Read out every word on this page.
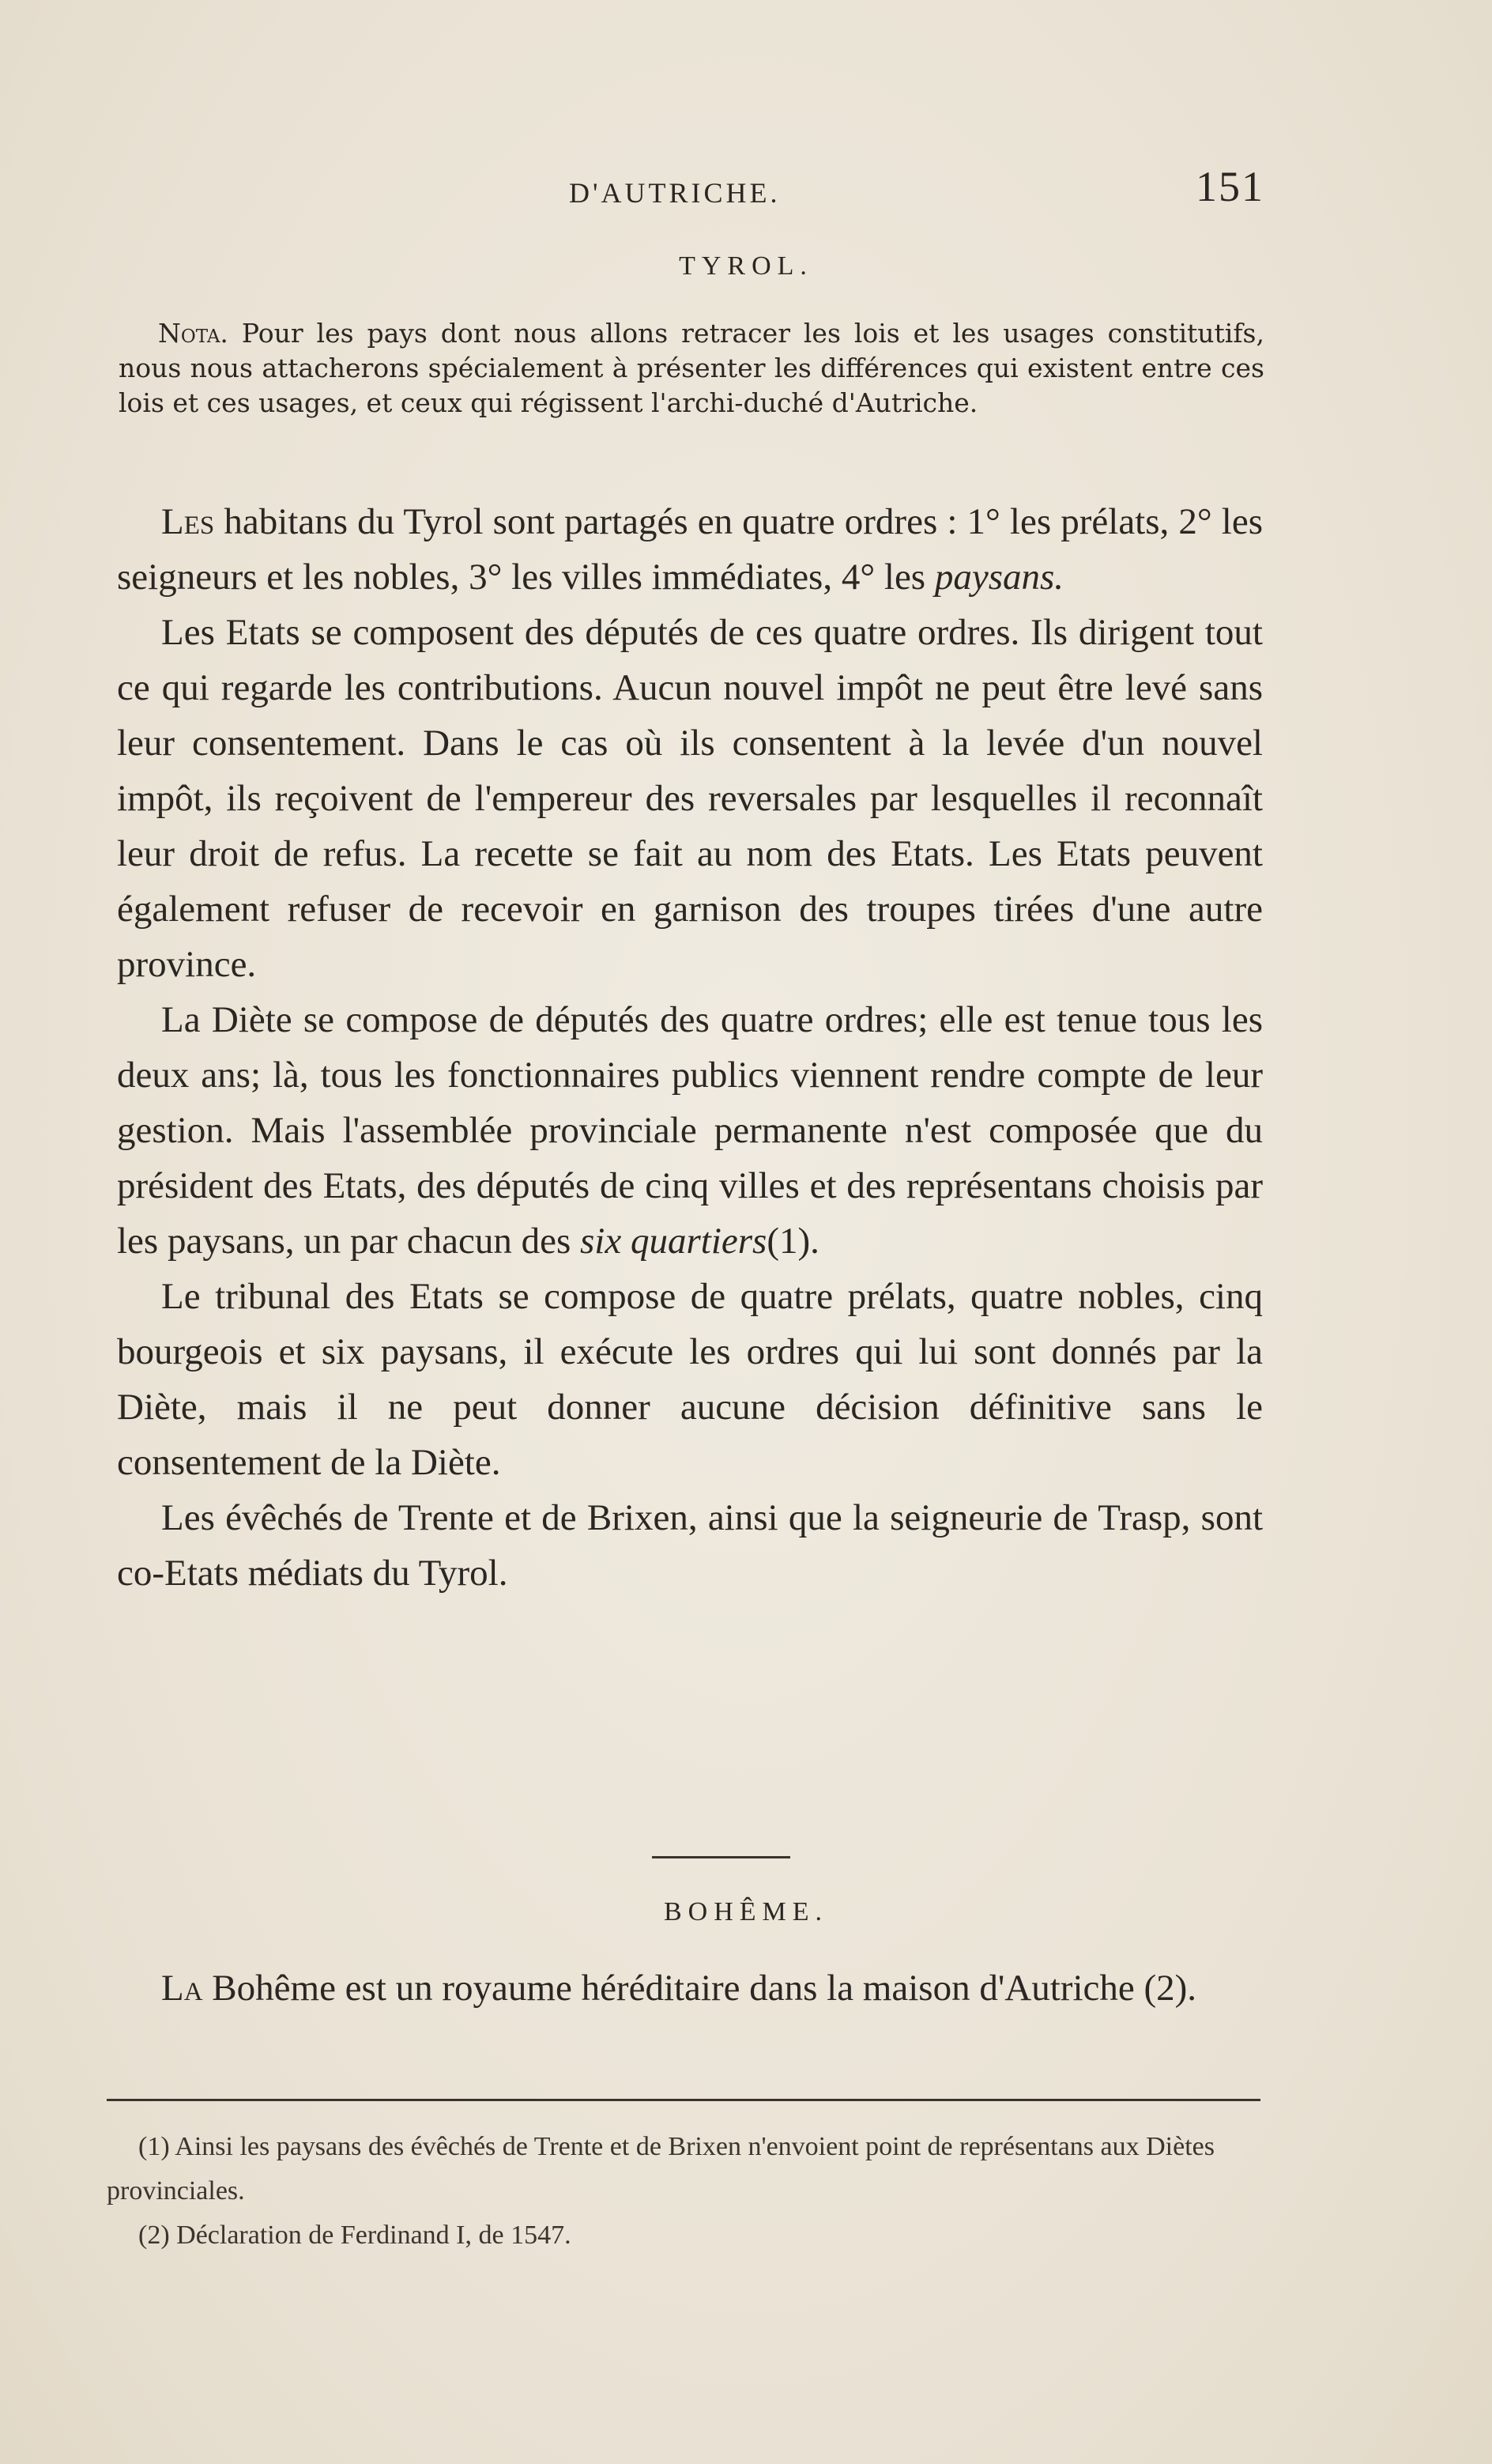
D'AUTRICHE.	151
TYROL.
Nota. Pour les pays dont nous allons retracer les lois et les usages constitutifs, nous nous attacherons spécialement à présenter les différences qui existent entre ces lois et ces usages, et ceux qui régissent l'archi-duché d'Autriche.

Les habitans du Tyrol sont partagés en quatre ordres : 1° les prélats, 2° les seigneurs et les nobles, 3° les villes immédiates, 4° les paysans.

Les Etats se composent des députés de ces quatre ordres. Ils dirigent tout ce qui regarde les contributions. Aucun nouvel impôt ne peut être levé sans leur consentement. Dans le cas où ils consentent à la levée d'un nouvel impôt, ils reçoivent de l'empereur des reversales par lesquelles il reconnaît leur droit de refus. La recette se fait au nom des Etats. Les Etats peuvent également refuser de recevoir en garnison des troupes tirées d'une autre province.

La Diète se compose de députés des quatre ordres; elle est tenue tous les deux ans; là, tous les fonctionnaires publics viennent rendre compte de leur gestion. Mais l'assemblée provinciale permanente n'est composée que du président des Etats, des députés de cinq villes et des représentans choisis par les paysans, un par chacun des six quartiers(1).

Le tribunal des Etats se compose de quatre prélats, quatre nobles, cinq bourgeois et six paysans, il exécute les ordres qui lui sont donnés par la Diète, mais il ne peut donner aucune décision définitive sans le consentement de la Diète.

Les évêchés de Trente et de Brixen, ainsi que la seigneurie de Trasp, sont co-Etats médiats du Tyrol.

BOHÊME.

La Bohême est un royaume héréditaire dans la maison d'Autriche (2).

(1) Ainsi les paysans des évêchés de Trente et de Brixen n'envoient point de représentans aux Diètes provinciales.

(2) Déclaration de Ferdinand I, de 1547.
